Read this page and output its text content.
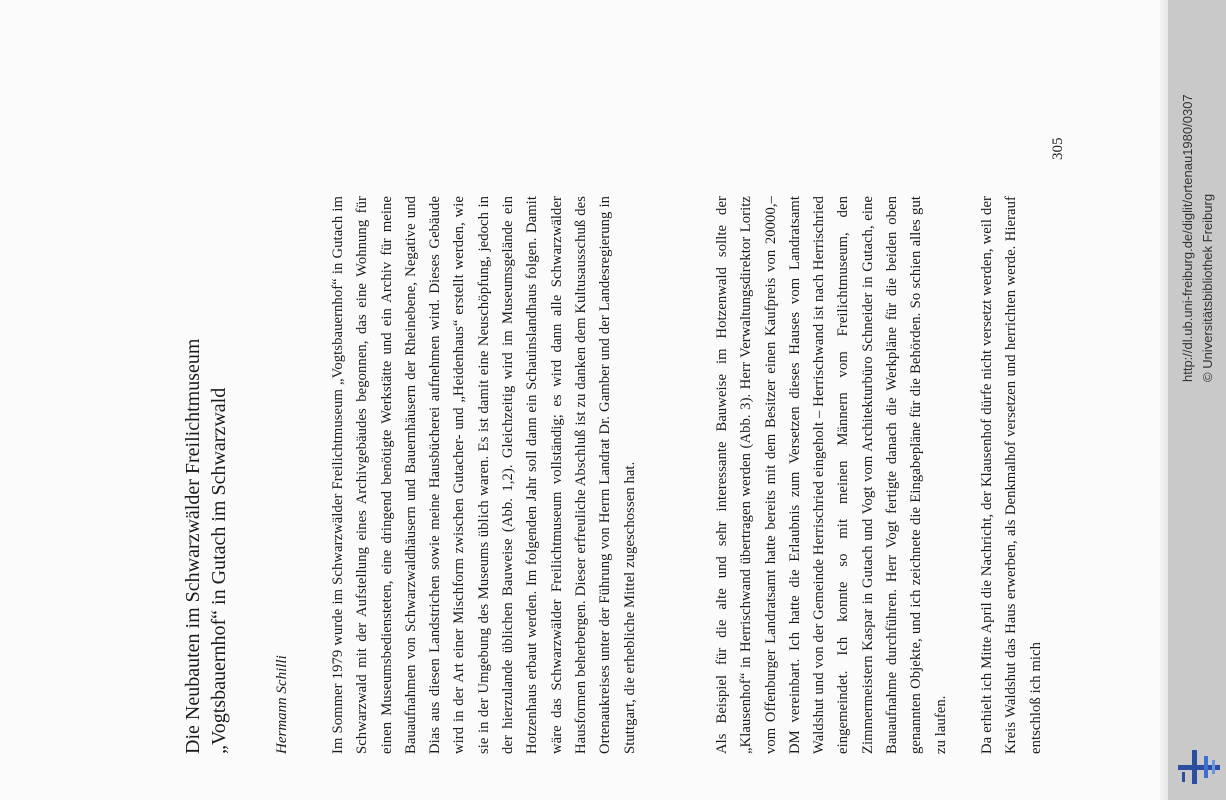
Die Neubauten im Schwarzwälder Freilichtmuseum „Vogtsbauernhof“ in Gutach im Schwarzwald	Hermann Schilli	Im Sommer 1979 wurde im Schwarzwälder Freilichtmuseum „Vogtsbauernhof“ in Gutach im Schwarzwald mit der Aufstellung eines Archivgebäudes begonnen, das eine Wohnung für einen Museumsbediensteten, eine dringend benötigte Werkstätte und ein Archiv für meine Bauaufnahmen von Schwarzwaldhäusern und Bauernhäusern der Rheinebene, Negative und Dias aus diesen Landstrichen sowie meine Hausbücherei aufnehmen wird. Dieses Gebäude wird in der Art einer Mischform zwischen Gutacher- und „Heidenhaus“ erstellt werden, wie sie in der Umgebung des Museums üblich waren. Es ist damit eine Neuschöpfung, jedoch in der hierzulande üblichen Bauweise (Abb. 1,2). Gleichzeitig wird im Museumsgelände ein Hotzenhaus erbaut werden. Im folgenden Jahr soll dann ein Schauinslandhaus folgen. Damit wäre das Schwarzwälder Freilichtmuseum vollständig; es wird dann alle Schwarzwälder Hausformen beherbergen. Dieser erfreuliche Abschluß ist zu danken dem Kultusausschuß des Ortenaukreises unter der Führung von Herrn Landrat Dr. Gamber und der Landesregierung in Stuttgart, die erhebliche Mittel zugeschossen hat.	Als Beispiel für die alte und sehr interessante Bauweise im Hotzenwald sollte der „Klausenhof“ in Herrischwand übertragen werden (Abb. 3). Herr Verwaltungsdirektor Loritz vom Offenburger Landratsamt hatte bereits mit dem Besitzer einen Kaufpreis von 20000,– DM vereinbart. Ich hatte die Erlaubnis zum Versetzen dieses Hauses vom Landratsamt Waldshut und von der Gemeinde Herrischried eingeholt – Herrischwand ist nach Herrischried eingemeindet. Ich konnte so mit meinen Männern vom Freilichtmuseum, den Zimmermeistern Kaspar in Gutach und Vogt vom Architekturbüro Schneider in Gutach, eine Bauaufnahme durchführen. Herr Vogt fertigte danach die Werkpläne für die beiden oben genannten Objekte, und ich zeichnete die Eingabepläne für die Behörden. So schien alles gut zu laufen. Da erhielt ich Mitte April die Nachricht, der Klausenhof dürfe nicht versetzt werden, weil der Kreis Waldshut das Haus erwerben, als Denkmalhof versetzen und herrichten werde. Hierauf entschloß ich mich

305	http://dl.ub.uni-freiburg.de/diglit/ortenau1980/0307 © Universitätsbibliothek Freiburg
